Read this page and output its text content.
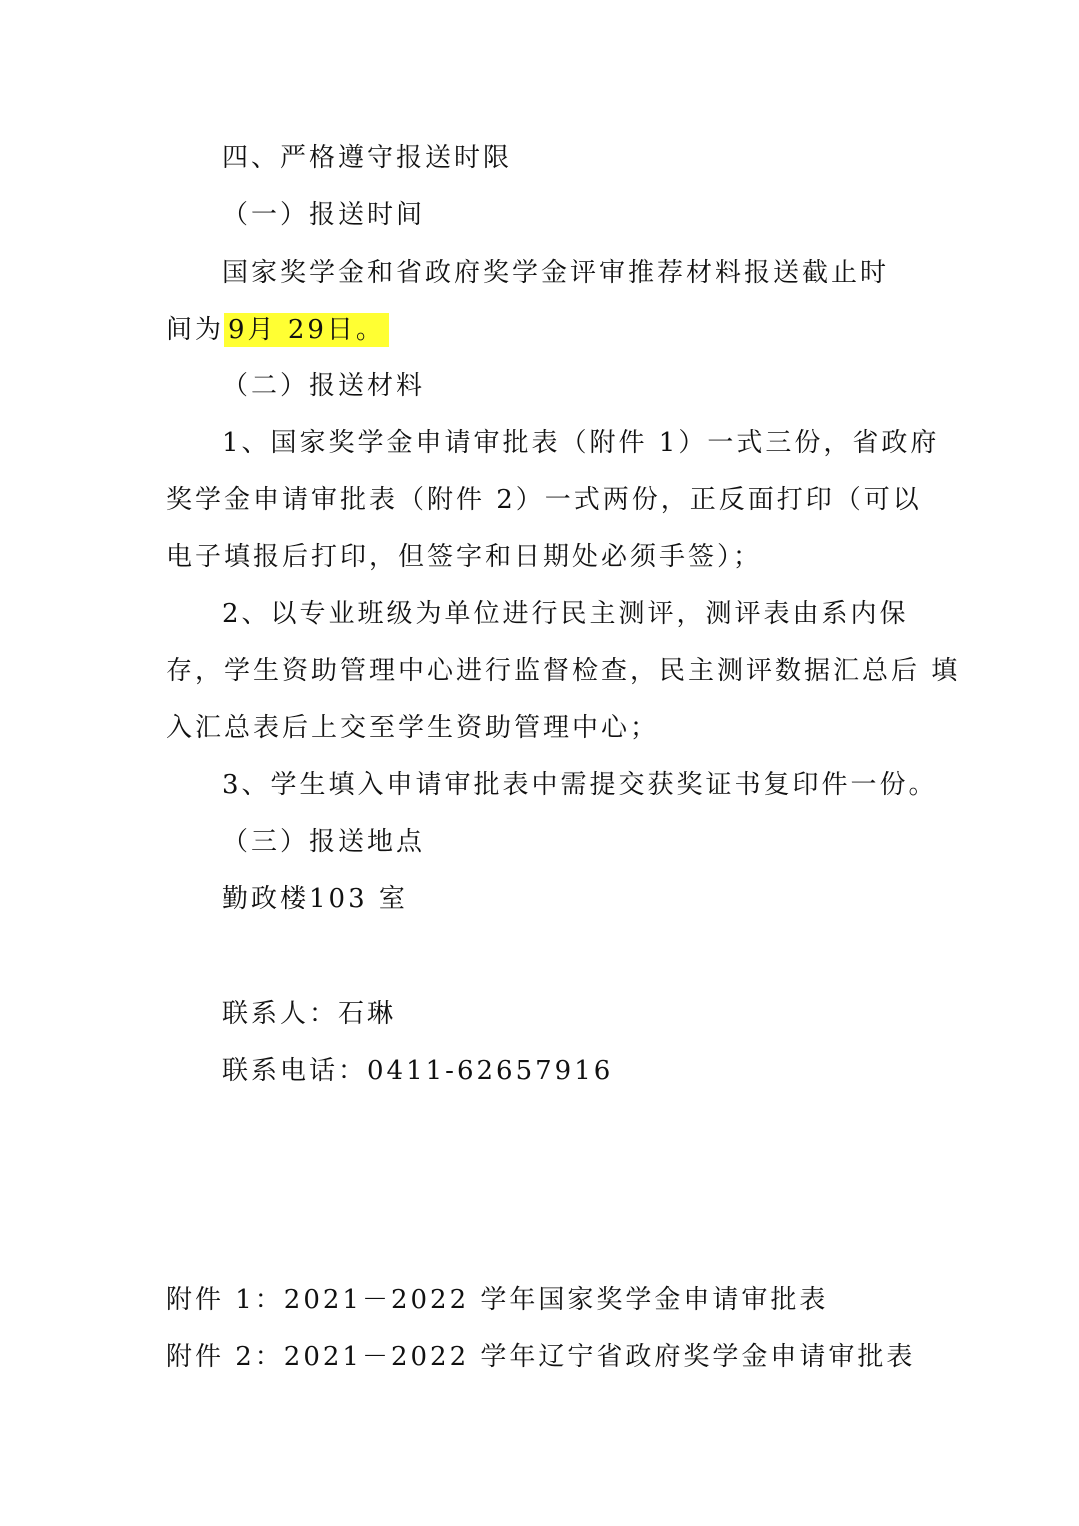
四、严格遵守报送时限
（一）报送时间
国家奖学金和省政府奖学金评审推荐材料报送截止时
间为 9月 29日。
（二）报送材料
1、国家奖学金申请审批表（附件 1）一式三份，省政府
奖学金申请审批表（附件 2）一式两份，正反面打印（可以
电子填报后打印，但签字和日期处必须手签）；
2、以专业班级为单位进行民主测评，测评表由系内保
存，学生资助管理中心进行监督检查，民主测评数据汇总后 填
入汇总表后上交至学生资助管理中心；
3、学生填入申请审批表中需提交获奖证书复印件一份。
（三）报送地点
勤政楼103 室
联系人：石琳
联系电话：0411-62657916
附件 1：2021－2022 学年国家奖学金申请审批表
附件 2：2021－2022 学年辽宁省政府奖学金申请审批表
